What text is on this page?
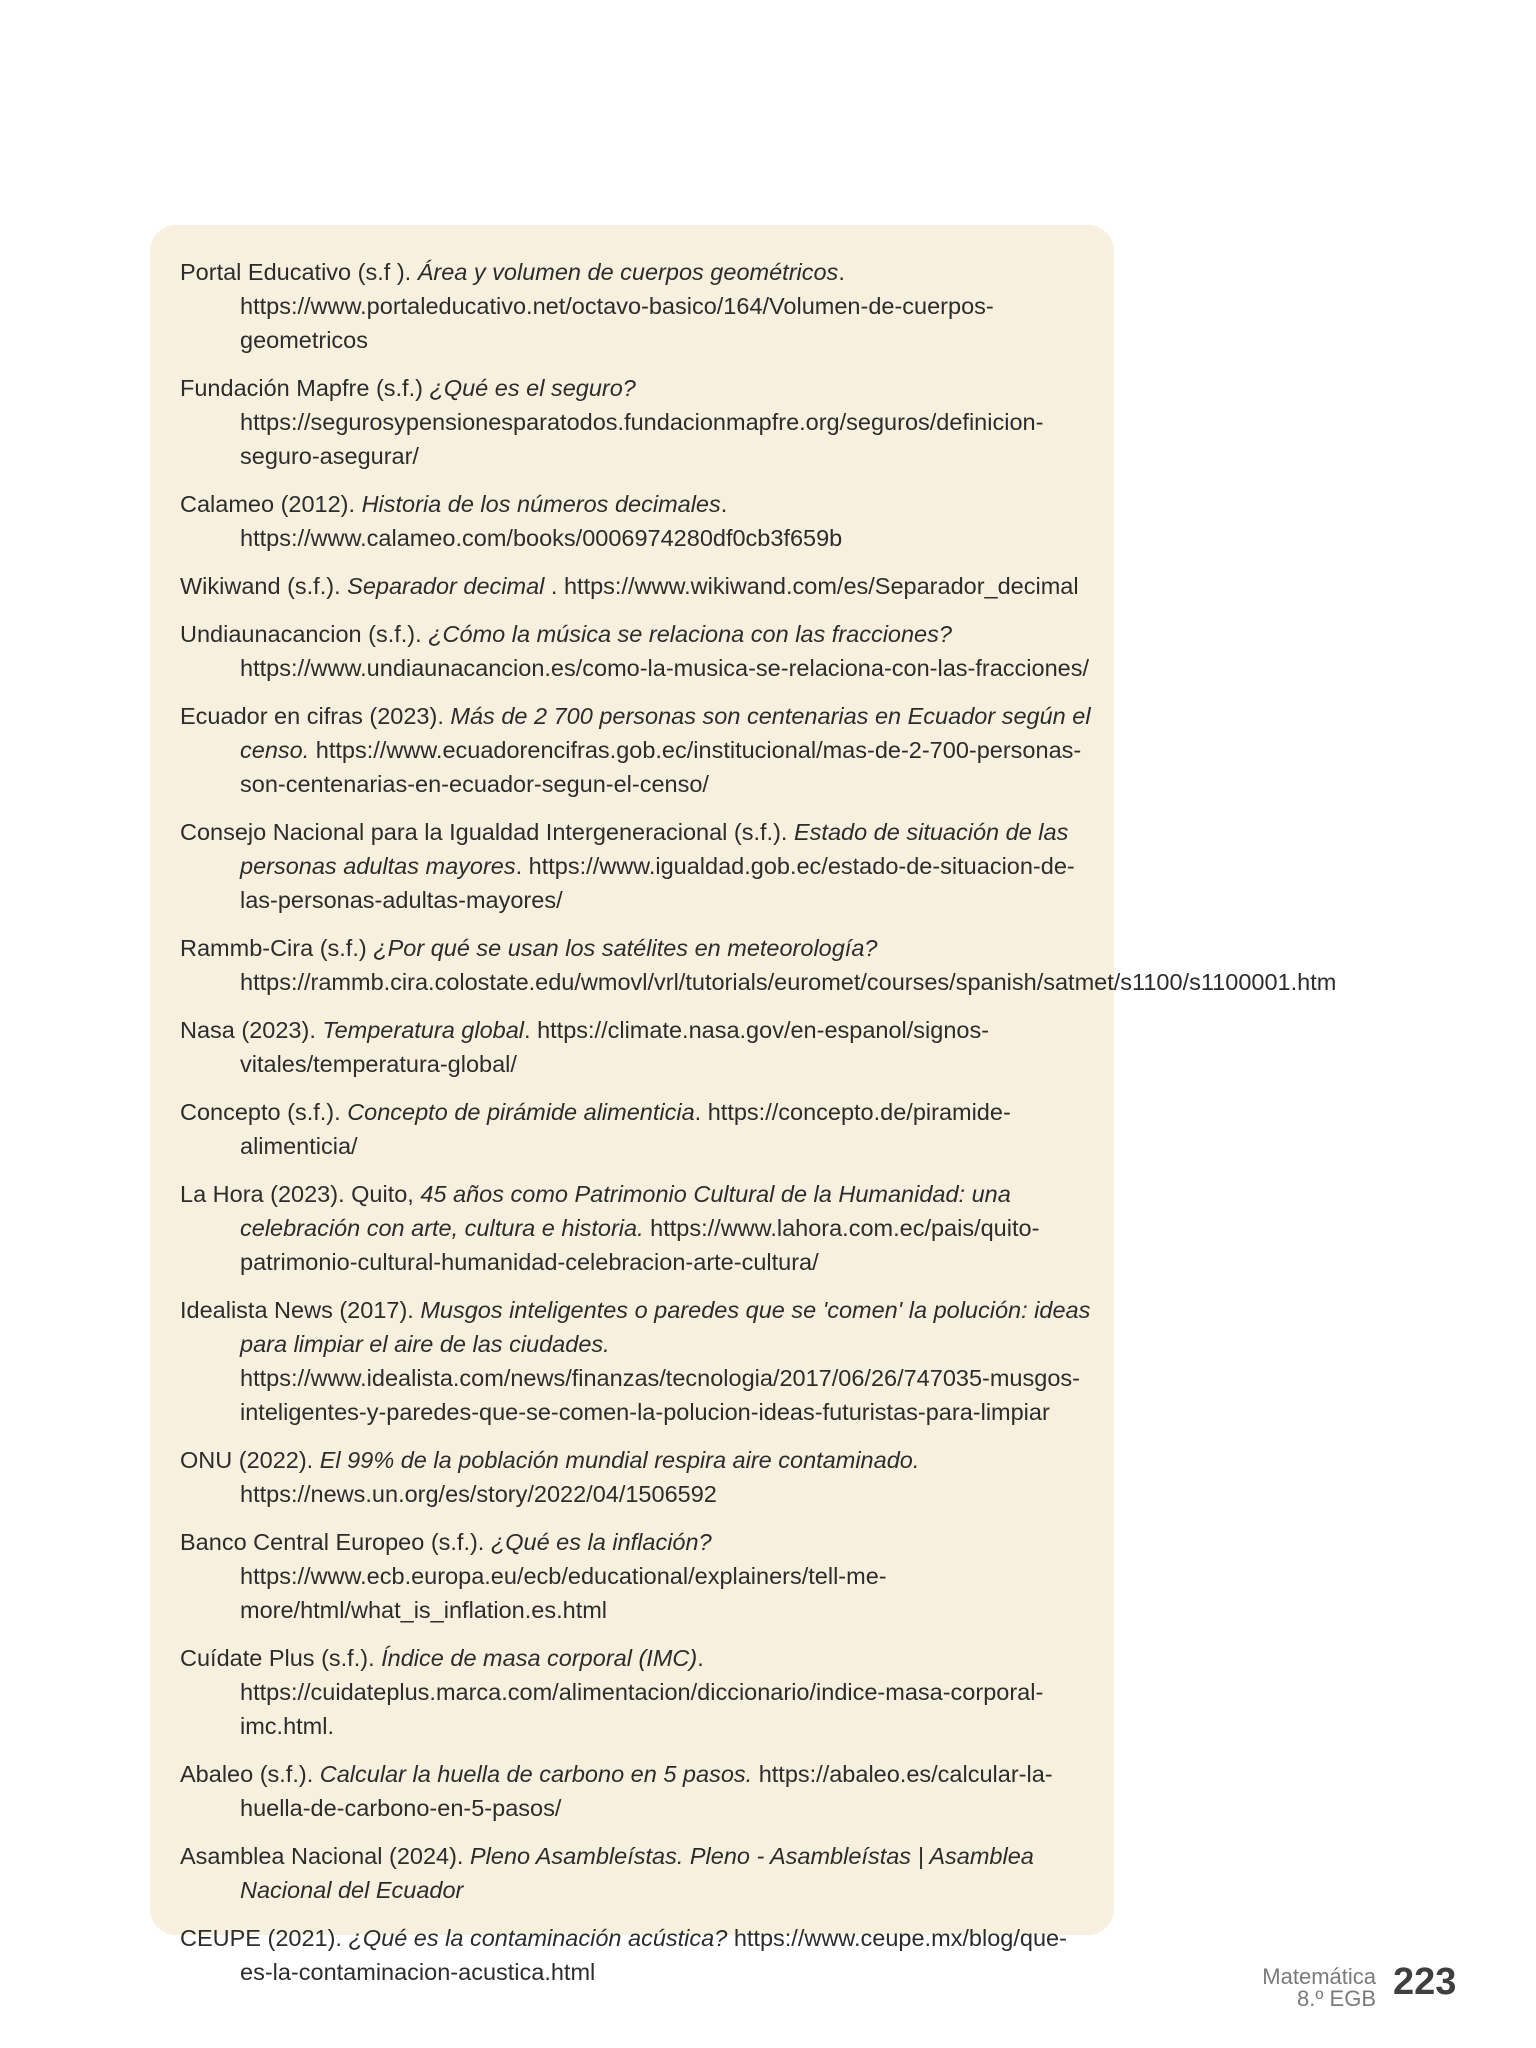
Portal Educativo (s.f ). Área y volumen de cuerpos geométricos. https://www.portaleducativo.net/octavo-basico/164/Volumen-de-cuerpos-geometricos

Fundación Mapfre (s.f.) ¿Qué es el seguro? https://segurosypensionesparatodos.fundacionmapfre.org/seguros/definicion-seguro-asegurar/

Calameo (2012). Historia de los números decimales. https://www.calameo.com/books/0006974280df0cb3f659b

Wikiwand (s.f.). Separador decimal . https://www.wikiwand.com/es/Separador_decimal

Undiaunacancion (s.f.). ¿Cómo la música se relaciona con las fracciones? https://www.undiaunacancion.es/como-la-musica-se-relaciona-con-las-fracciones/

Ecuador en cifras (2023). Más de 2 700 personas son centenarias en Ecuador según el censo. https://www.ecuadorencifras.gob.ec/institucional/mas-de-2-700-personas-son-centenarias-en-ecuador-segun-el-censo/

Consejo Nacional para la Igualdad Intergeneracional (s.f.). Estado de situación de las personas adultas mayores. https://www.igualdad.gob.ec/estado-de-situacion-de-las-personas-adultas-mayores/

Rammb-Cira (s.f.) ¿Por qué se usan los satélites en meteorología? https://rammb.cira.colostate.edu/wmovl/vrl/tutorials/euromet/courses/spanish/satmet/s1100/s1100001.htm

Nasa (2023). Temperatura global. https://climate.nasa.gov/en-espanol/signos-vitales/temperatura-global/

Concepto (s.f.). Concepto de pirámide alimenticia. https://concepto.de/piramide-alimenticia/

La Hora (2023). Quito, 45 años como Patrimonio Cultural de la Humanidad: una celebración con arte, cultura e historia. https://www.lahora.com.ec/pais/quito-patrimonio-cultural-humanidad-celebracion-arte-cultura/

Idealista News (2017). Musgos inteligentes o paredes que se 'comen' la polución: ideas para limpiar el aire de las ciudades. https://www.idealista.com/news/finanzas/tecnologia/2017/06/26/747035-musgos-inteligentes-y-paredes-que-se-comen-la-polucion-ideas-futuristas-para-limpiar

ONU (2022). El 99% de la población mundial respira aire contaminado. https://news.un.org/es/story/2022/04/1506592

Banco Central Europeo (s.f.). ¿Qué es la inflación? https://www.ecb.europa.eu/ecb/educational/explainers/tell-me-more/html/what_is_inflation.es.html

Cuídate Plus (s.f.). Índice de masa corporal (IMC). https://cuidateplus.marca.com/alimentacion/diccionario/indice-masa-corporal-imc.html.

Abaleo (s.f.). Calcular la huella de carbono en 5 pasos. https://abaleo.es/calcular-la-huella-de-carbono-en-5-pasos/

Asamblea Nacional (2024). Pleno Asambleístas. Pleno - Asambleístas | Asamblea Nacional del Ecuador

CEUPE (2021). ¿Qué es la contaminación acústica? https://www.ceupe.mx/blog/que-es-la-contaminacion-acustica.html	Matemática
8.º EGB 223
